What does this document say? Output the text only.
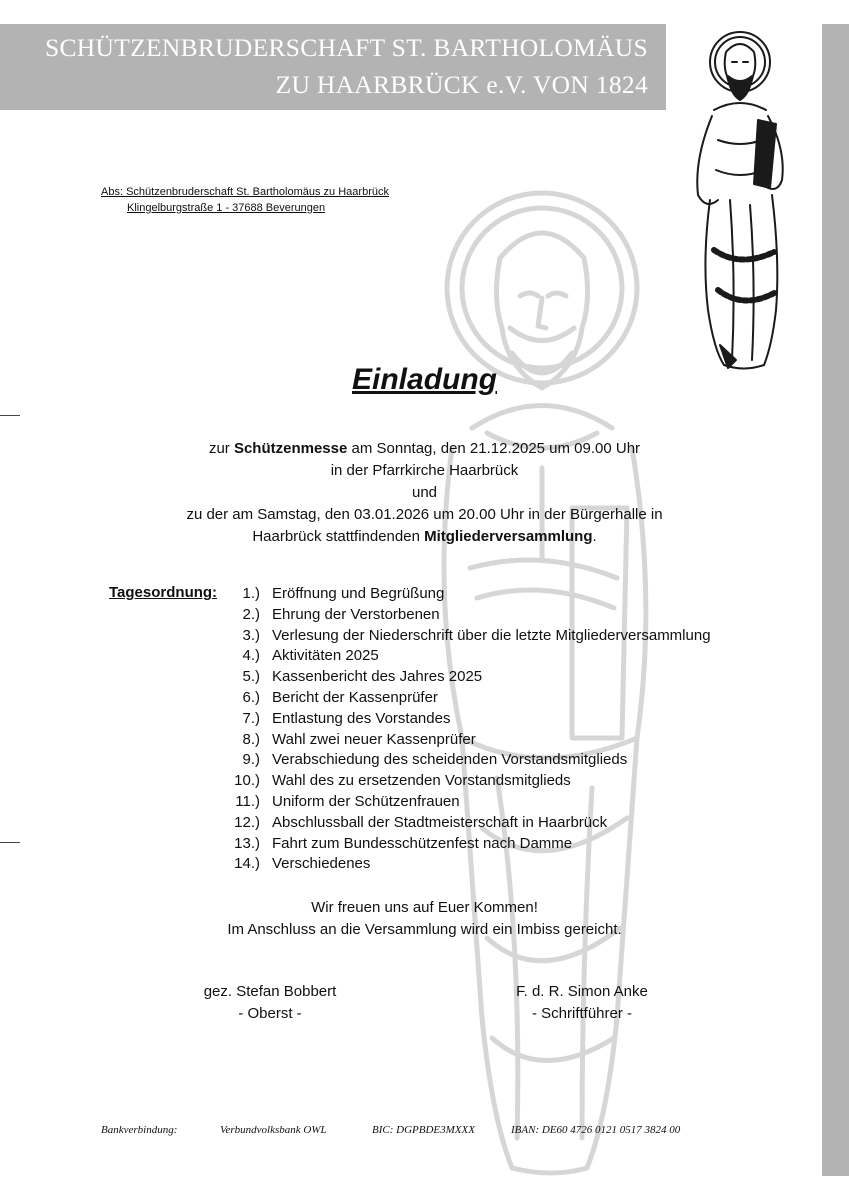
SCHÜTZENBRUDERSCHAFT ST. BARTHOLOMÄUS
ZU HAARBRÜCK e.V. VON 1824
Abs: Schützenbruderschaft St. Bartholomäus zu Haarbrück
Klingelburgstraße 1 - 37688 Beverungen
Einladung
zur Schützenmesse am Sonntag, den 21.12.2025 um 09.00 Uhr
in der Pfarrkirche Haarbrück
und
zu der am Samstag, den 03.01.2026 um 20.00 Uhr in der Bürgerhalle in
Haarbrück stattfindenden Mitgliederversammlung.
Tagesordnung:	1.) Eröffnung und Begrüßung
2.) Ehrung der Verstorbenen
3.) Verlesung der Niederschrift über die letzte Mitgliederversammlung
4.) Aktivitäten 2025
5.) Kassenbericht des Jahres 2025
6.) Bericht der Kassenprüfer
7.) Entlastung des Vorstandes
8.) Wahl zwei neuer Kassenprüfer
9.) Verabschiedung des scheidenden Vorstandsmitglieds
10.) Wahl des zu ersetzenden Vorstandsmitglieds
11.) Uniform der Schützenfrauen
12.) Abschlussball der Stadtmeisterschaft in Haarbrück
13.) Fahrt zum Bundesschützenfest nach Damme
14.) Verschiedenes
Wir freuen uns auf Euer Kommen!
Im Anschluss an die Versammlung wird ein Imbiss gereicht.
gez. Stefan Bobbert
- Oberst -
F. d. R. Simon Anke
- Schriftführer -
Bankverbindung:	Verbundvolksbank OWL	BIC: DGPBDE3MXXX	IBAN: DE60 4726 0121 0517 3824 00
